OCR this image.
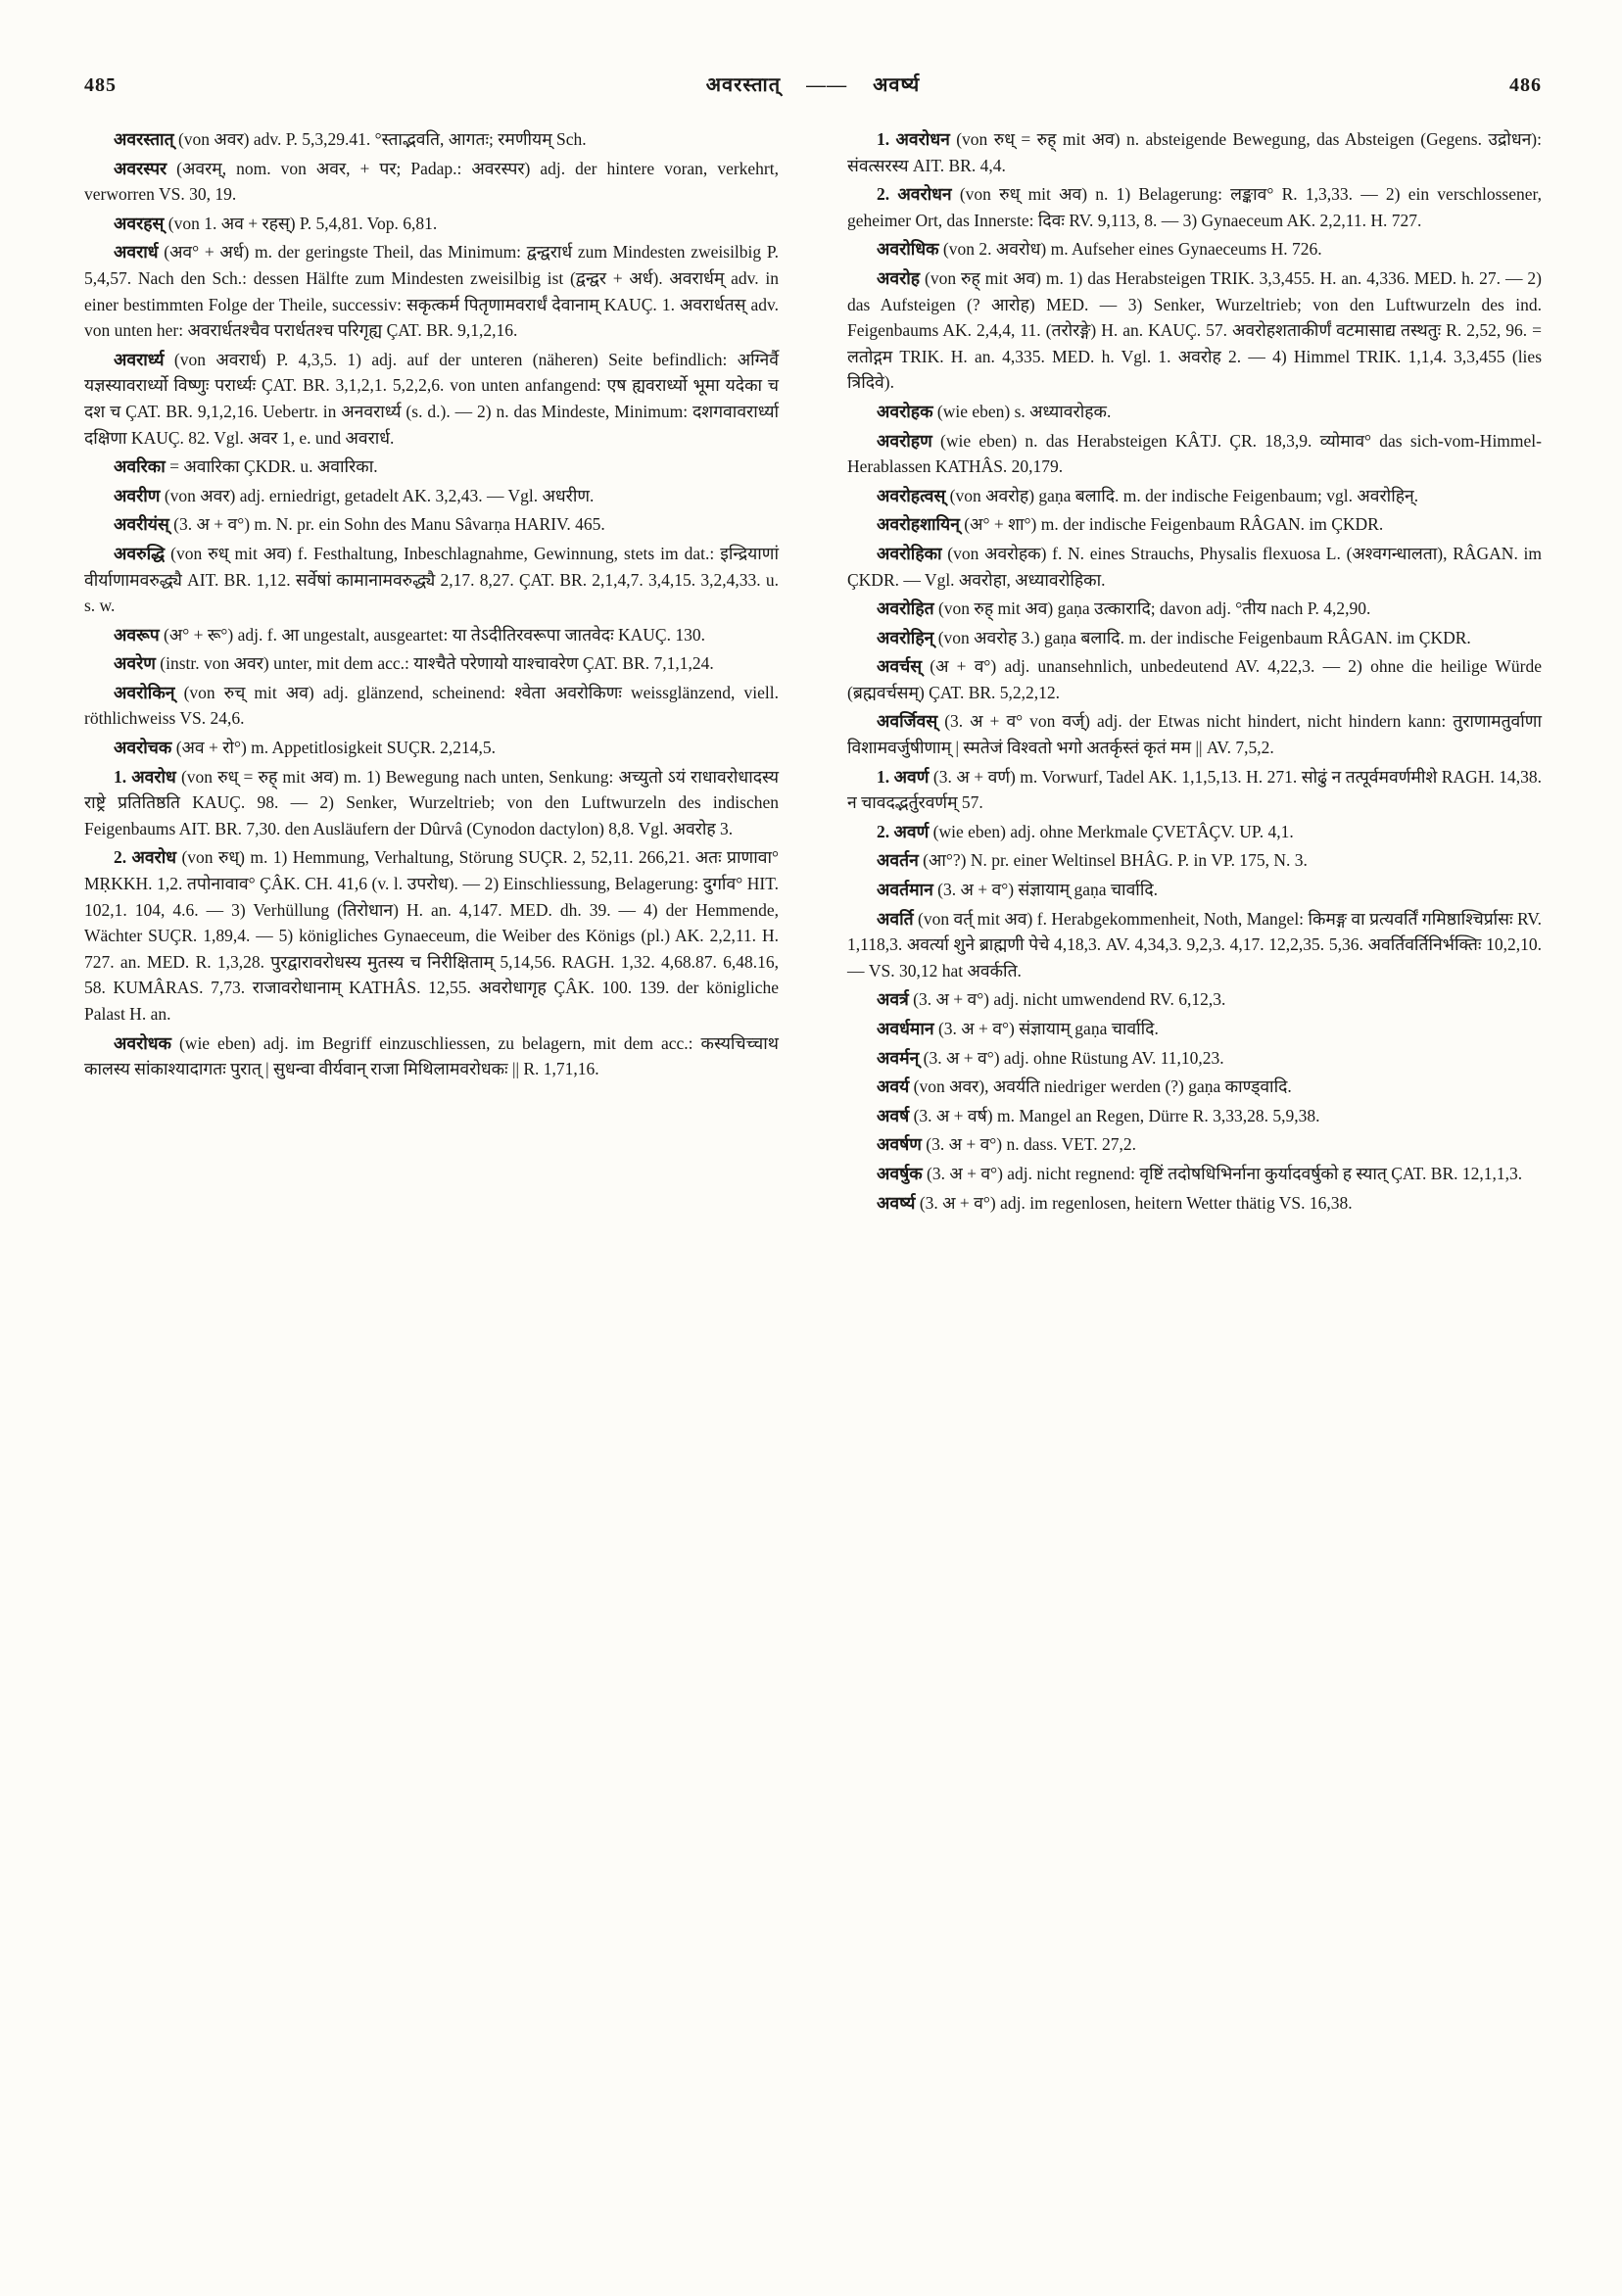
485	अवरस्तात् —— अवर्ष्य	486

अवरस्तात् (von अवर) adv. P. 5,3,29.41. °स्ताद्भवति, आगतः; रमणीयम् Sch.

अवरस्पर (अवरम्, nom. von अवर, + पर; Padap.: अवरस्पर) adj. der hintere voran, verkehrt, verworren VS. 30, 19.

अवरहस् (von 1. अव + रहस्) P. 5,4,81. Vop. 6,81.

अवरार्ध (अव° + अर्ध) m. der geringste Theil, das Minimum: द्वन्द्वरार्ध zum Mindesten zweisilbig P. 5,4,57. Nach den Sch.: dessen Hälfte zum Mindesten zweisilbig ist (द्वन्द्वर + अर्ध). अवरार्धम् adv. in einer bestimmten Folge der Theile, successiv: सकृत्कर्म पितृणामवरार्धं देवानाम् KAUÇ. 1. अवरार्धतस् adv. von unten her: अवरार्धतश्चैव परार्धतश्च परिगृह्य ÇAT. BR. 9,1,2,16.

अवरार्ध्य (von अवरार्ध) P. 4,3,5. 1) adj. auf der unteren (näheren) Seite befindlich: अग्निर्वै यज्ञस्यावरार्ध्यो विष्णुः परार्ध्यः ÇAT. BR. 3,1,2,1. 5,2,2,6. von unten anfangend: एष ह्यवरार्ध्यो भूमा यदेका च दश च ÇAT. BR. 9,1,2,16. Uebertr. in अनवरार्ध्य (s. d.). — 2) n. das Mindeste, Minimum: दशगवावरार्ध्या दक्षिणा KAUÇ. 82. Vgl. अवर 1, e. und अवरार्ध.

अवरिका = अवारिका ÇKDR. u. अवारिका.

अवरीण (von अवर) adj. erniedrigt, getadelt AK. 3,2,43. — Vgl. अधरीण.

अवरीयंस् (3. अ + व°) m. N. pr. ein Sohn des Manu Sâvarṇa HARIV. 465.

अवरुद्धि (von रुध् mit अव) f. Festhaltung, Inbeschlagnahme, Gewinnung, stets im dat.: इन्द्रियाणां वीर्याणामवरुद्ध्यै AIT. BR. 1,12. सर्वेषां कामानामवरुद्ध्यै 2,17. 8,27. ÇAT. BR. 2,1,4,7. 3,4,15. 3,2,4,33. u. s. w.

अवरूप (अ° + रू°) adj. f. आ ungestalt, ausgeartet: या तेऽदीतिरवरूपा जातवेदः KAUÇ. 130.

अवरेण (instr. von अवर) unter, mit dem acc.: याश्चैते परेणायो याश्चावरेण ÇAT. BR. 7,1,1,24.

अवरोकिन् (von रुच् mit अव) adj. glänzend, scheinend: श्वेता अवरोकिणः weissglänzend, viell. röthlichweiss VS. 24,6.

अवरोचक (अव + रो°) m. Appetitlosigkeit SUÇR. 2,214,5.

1. अवरोध (von रुध् = रुह् mit अव) m. 1) Bewegung nach unten, Senkung: अच्युतो ऽयं राधावरोधादस्य राष्ट्रे प्रतितिष्ठति KAUÇ. 98. — 2) Senker, Wurzeltrieb; von den Luftwurzeln des indischen Feigenbaums AIT. BR. 7,30. den Ausläufern der Dûrvâ (Cynodon dactylon) 8,8. Vgl. अवरोह 3.

2. अवरोध (von रुध्) m. 1) Hemmung, Verhaltung, Störung SUÇR. 2, 52,11. 266,21. अतः प्राणावा° MṚKKH. 1,2. तपोनावाव° ÇÂK. CH. 41,6 (v. l. उपरोध). — 2) Einschliessung, Belagerung: दुर्गाव° HIT. 102,1. 104, 4.6. — 3) Verhüllung (तिरोधान) H. an. 4,147. MED. dh. 39. — 4) der Hemmende, Wächter SUÇR. 1,89,4. — 5) königliches Gynaeceum, die Weiber des Königs (pl.) AK. 2,2,11. H. 727. an. MED. R. 1,3,28. पुरद्वारावरोधस्य मुतस्य च निरीक्षिताम् 5,14,56. RAGH. 1,32. 4,68.87. 6,48.16, 58. KUMÂRAS. 7,73. राजावरोधानाम् KATHÂS. 12,55. अवरोधागृह ÇÂK. 100. 139. der königliche Palast H. an.

अवरोधक (wie eben) adj. im Begriff einzuschliessen, zu belagern, mit dem acc.: कस्यचिच्चाथ कालस्य सांकाश्यादागतः पुरात् | सुधन्वा वीर्यवान् राजा मिथिलामवरोधकः || R. 1,71,16.

1. अवरोधन (von रुध् = रुह् mit अव) n. absteigende Bewegung, das Absteigen (Gegens. उद्रोधन): संवत्सरस्य AIT. BR. 4,4.

2. अवरोधन (von रुध् mit अव) n. 1) Belagerung: लङ्काव° R. 1,3,33. — 2) ein verschlossener, geheimer Ort, das Innerste: दिवः RV. 9,113, 8. — 3) Gynaeceum AK. 2,2,11. H. 727.

अवरोधिक (von 2. अवरोध) m. Aufseher eines Gynaeceums H. 726.

अवरोह (von रुह् mit अव) m. 1) das Herabsteigen TRIK. 3,3,455. H. an. 4,336. MED. h. 27. — 2) das Aufsteigen (? आरोह) MED. — 3) Senker, Wurzeltrieb; von den Luftwurzeln des ind. Feigenbaums AK. 2,4,4, 11. (तरोरङ्गे) H. an. KAUÇ. 57. अवरोहशताकीर्णं वटमासाद्य तस्थतुः R. 2,52, 96. = लतोद्गम TRIK. H. an. 4,335. MED. h. Vgl. 1. अवरोह 2. — 4) Himmel TRIK. 1,1,4. 3,3,455 (lies त्रिदिवे).

अवरोहक (wie eben) s. अध्यावरोहक.

अवरोहण (wie eben) n. das Herabsteigen KÂTJ. ÇR. 18,3,9. व्योमाव° das sich-vom-Himmel-Herablassen KATHÂS. 20,179.

अवरोहत्वस् (von अवरोह) gaṇa बलादि. m. der indische Feigenbaum; vgl. अवरोहिन्.

अवरोहशायिन् (अ° + शा°) m. der indische Feigenbaum RÂGAN. im ÇKDR.

अवरोहिका (von अवरोहक) f. N. eines Strauchs, Physalis flexuosa L. (अश्वगन्धालता), RÂGAN. im ÇKDR. — Vgl. अवरोहा, अध्यावरोहिका.

अवरोहित (von रुह् mit अव) gaṇa उत्कारादि; davon adj. °तीय nach P. 4,2,90.

अवरोहिन् (von अवरोह 3.) gaṇa बलादि. m. der indische Feigenbaum RÂGAN. im ÇKDR.

अवर्चस् (अ + व°) adj. unansehnlich, unbedeutend AV. 4,22,3. — 2) ohne die heilige Würde (ब्रह्मवर्चसम्) ÇAT. BR. 5,2,2,12.

अवर्जिवस् (3. अ + व° von वर्ज्) adj. der Etwas nicht hindert, nicht hindern kann: तुराणामतुर्वाणा विशामवर्जुषीणाम् | स्मतेजं विश्वतो भगो अतर्कृस्तं कृतं मम || AV. 7,5,2.

1. अवर्ण (3. अ + वर्ण) m. Vorwurf, Tadel AK. 1,1,5,13. H. 271. सोढुं न तत्पूर्वमवर्णमीशे RAGH. 14,38. न चावदद्भर्तुरवर्णम् 57.

2. अवर्ण (wie eben) adj. ohne Merkmale ÇVETÂÇV. UP. 4,1.

अवर्तन (आ°?) N. pr. einer Weltinsel BHÂG. P. in VP. 175, N. 3.

अवर्तमान (3. अ + व°) संज्ञायाम् gaṇa चार्वादि.

अवर्ति (von वर्त् mit अव) f. Herabgekommenheit, Noth, Mangel: किमङ्ग वा प्रत्यवर्तिं गमिष्ठाश्चिर्प्रासः RV. 1,118,3. अवर्त्या शुने ब्राह्मणी पेचे 4,18,3. AV. 4,34,3. 9,2,3. 4,17. 12,2,35. 5,36. अवर्तिवर्तिनिर्भक्तिः 10,2,10. — VS. 30,12 hat अवर्कति.

अवर्त्र (3. अ + व°) adj. nicht umwendend RV. 6,12,3.

अवर्धमान (3. अ + व°) संज्ञायाम् gaṇa चार्वादि.

अवर्मन् (3. अ + व°) adj. ohne Rüstung AV. 11,10,23.

अवर्य (von अवर), अवर्यति niedriger werden (?) gaṇa काण्ड्वादि.

अवर्ष (3. अ + वर्ष) m. Mangel an Regen, Dürre R. 3,33,28. 5,9,38.

अवर्षण (3. अ + व°) n. dass. VET. 27,2.

अवर्षुक (3. अ + व°) adj. nicht regnend: वृष्टिं तदोषधिभिर्नाना कुर्यादवर्षुको ह स्यात् ÇAT. BR. 12,1,1,3.

अवर्ष्य (3. अ + व°) adj. im regenlosen, heitern Wetter thätig VS. 16,38.
